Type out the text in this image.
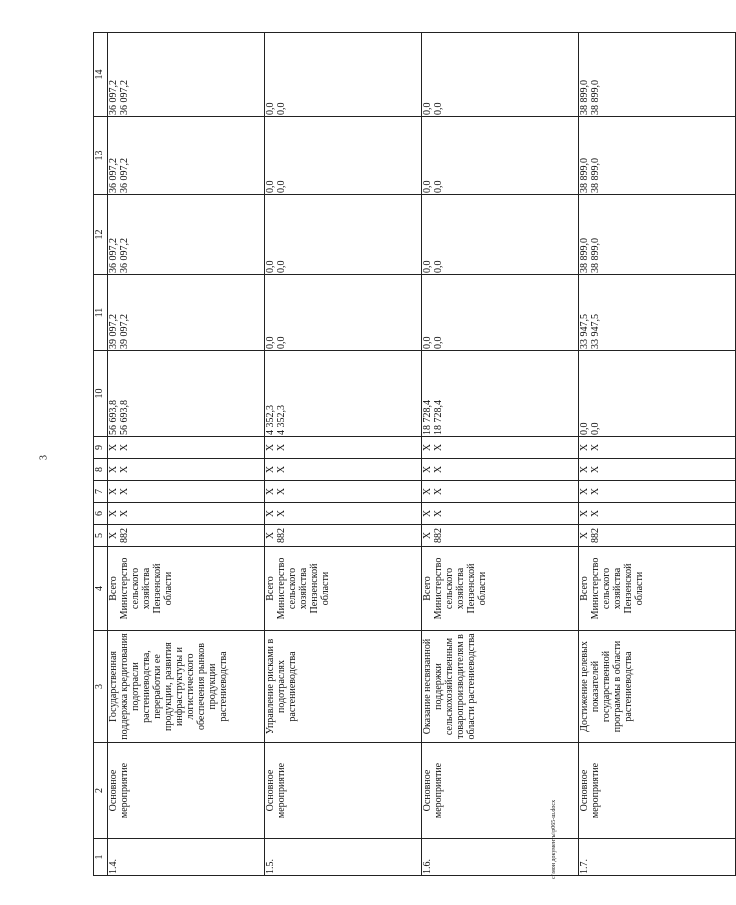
3
c:\мои документы\р065-ш.docx
1	2	3	4	5	6	7	8	9	10	11	12	13	14
1.4.	Основное мероприятие	Государственная поддержка кредитования подотрасли растениеводства, переработки ее продукции, развития инфраструктуры и логистического обеспечения рынков продукции растениеводства	Всего Министерство сельского хозяйства Пензенской области	X 882	X X	X X	X X	X X	56 693,8 56 693,8	39 097,2 39 097,2	36 097,2 36 097,2	36 097,2 36 097,2	36 097,2 36 097,2

1.5.	Основное мероприятие	Управление рисками в подотраслях растениеводства	Всего Министерство сельского хозяйства Пензенской области	X 882	X X	X X	X X	X X	4 352,3 4 352,3	0,0 0,0	0,0 0,0	0,0 0,0	0,0 0,0

1.6.	Основное мероприятие	Оказание несвязанной поддержки сельскохозяйственным товаропроизводителям в области растениеводства	Всего Министерство сельского хозяйства Пензенской области	X 882	X X	X X	X X	X X	18 728,4 18 728,4	0,0 0,0	0,0 0,0	0,0 0,0	0,0 0,0

1.7.	Основное мероприятие	Достижение целевых показателей государственной программы в области растениеводства	Всего Министерство сельского хозяйства Пензенской области	X 882	X X	X X	X X	X X	0,0 0,0	33 947,5 33 947,5	38 899,0 38 899,0	38 899,0 38 899,0	38 899,0 38 899,0
